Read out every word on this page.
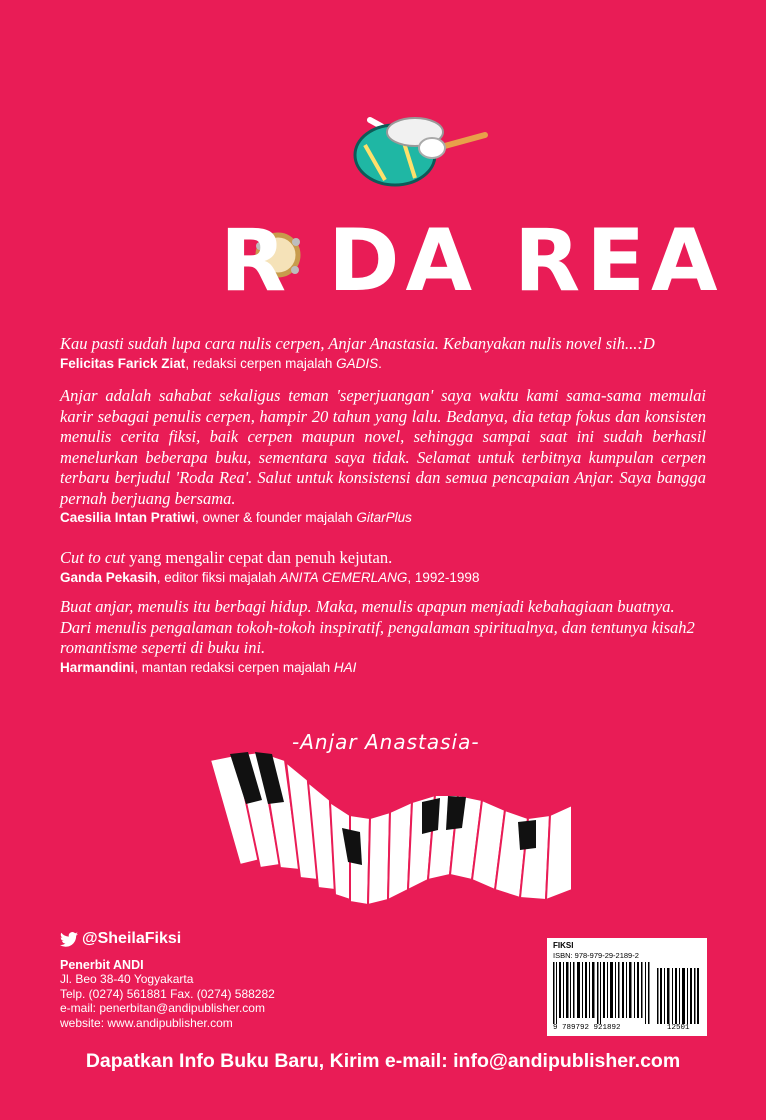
R DA REA
Kau pasti sudah lupa cara nulis cerpen, Anjar Anastasia. Kebanyakan nulis novel sih...:D Felicitas Farick Ziat, redaksi cerpen majalah GADIS.
Anjar adalah sahabat sekaligus teman 'seperjuangan' saya waktu kami sama-sama memulai karir sebagai penulis cerpen, hampir 20 tahun yang lalu. Bedanya, dia tetap fokus dan konsisten menulis cerita fiksi, baik cerpen maupun novel, sehingga sampai saat ini sudah berhasil menelurkan beberapa buku, sementara saya tidak. Selamat untuk terbitnya kumpulan cerpen terbaru berjudul 'Roda Rea'. Salut untuk konsistensi dan semua pencapaian Anjar. Saya bangga pernah berjuang bersama.
Caesilia Intan Pratiwi, owner & founder majalah GitarPlus
Cut to cut yang mengalir cepat dan penuh kejutan.
Ganda Pekasih, editor fiksi majalah ANITA CEMERLANG, 1992-1998
Buat anjar, menulis itu berbagi hidup. Maka, menulis apapun menjadi kebahagiaan buatnya. Dari menulis pengalaman tokoh-tokoh inspiratif, pengalaman spiritualnya, dan tentunya kisah2 romantisme seperti di buku ini.
Harmandini, mantan redaksi cerpen majalah HAI
-Anjar Anastasia-
@SheilaFiksi
Penerbit ANDI
Jl. Beo 38-40 Yogyakarta
Telp. (0274) 561881 Fax. (0274) 588282
e-mail: penerbitan@andipublisher.com
website: www.andipublisher.com
FIKSI
ISBN: 978-979-29-2189-2
9 789792 921892	12501
Dapatkan Info Buku Baru, Kirim e-mail: info@andipublisher.com
